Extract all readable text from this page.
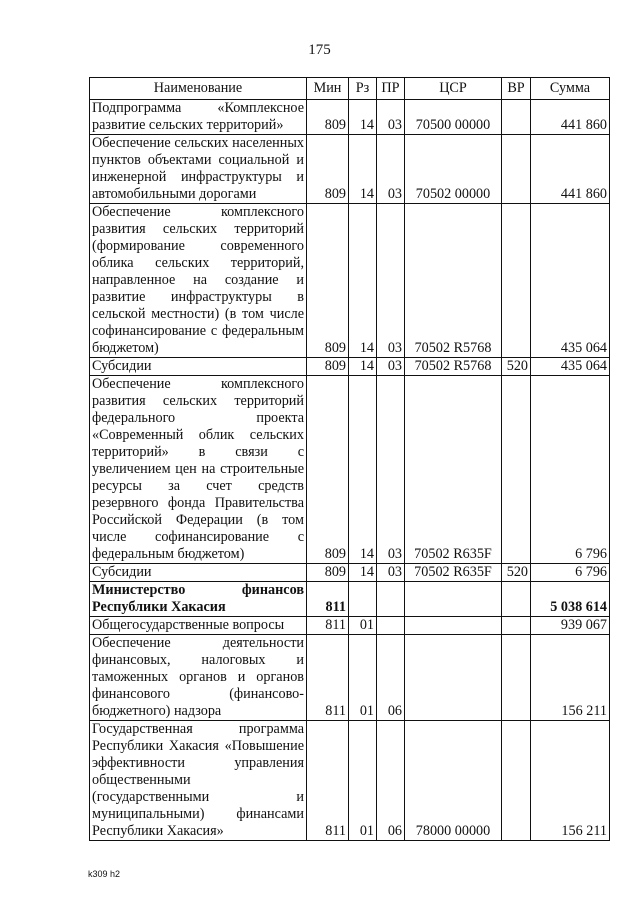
175
Наименование	Мин	Рз	ПР	ЦСР	ВР	Сумма
Подпрограмма «Комплексное развитие сельских территорий»	809	14	03	70500 00000		441 860
Обеспечение сельских населенных пунктов объектами социальной и инженерной инфраструктуры и автомобильными дорогами	809	14	03	70502 00000		441 860
Обеспечение комплексного развития сельских территорий (формирование современного облика сельских территорий, направленное на создание и развитие инфраструктуры в сельской местности) (в том числе софинансирование с федеральным бюджетом)	809	14	03	70502 R5768		435 064
Субсидии	809	14	03	70502 R5768	520	435 064
Обеспечение комплексного развития сельских территорий федерального проекта «Современный облик сельских территорий» в связи с увеличением цен на строительные ресурсы за счет средств резервного фонда Правительства Российской Федерации (в том числе софинансирование с федеральным бюджетом)	809	14	03	70502 R635F		6 796
Субсидии	809	14	03	70502 R635F	520	6 796
Министерство финансов Республики Хакасия	811					5 038 614
Общегосударственные вопросы	811	01				939 067
Обеспечение деятельности финансовых, налоговых и таможенных органов и органов финансового (финансово-бюджетного) надзора	811	01	06			156 211
Государственная программа Республики Хакасия «Повышение эффективности управления общественными (государственными и муниципальными) финансами Республики Хакасия»	811	01	06	78000 00000		156 211
k309 h2
